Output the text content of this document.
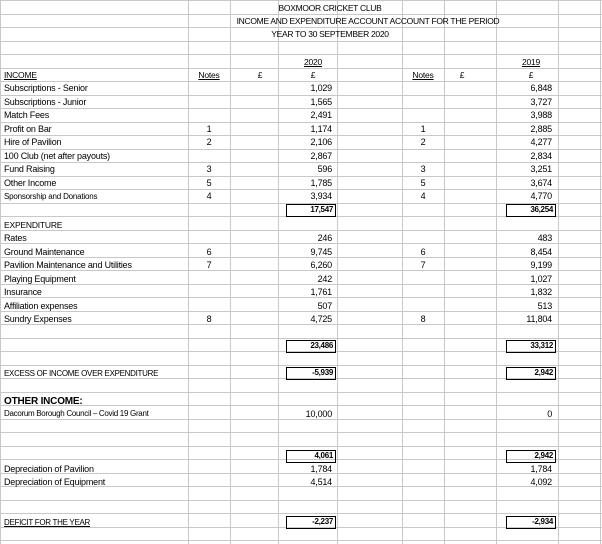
BOXMOOR CRICKET CLUB
INCOME AND EXPENDITURE ACCOUNT ACCOUNT FOR THE PERIOD
YEAR TO 30 SEPTEMBER 2020
2020	2019
Notes	£	£	Notes	£	£
INCOME
Subscriptions - Senior	1,029	6,848
Subscriptions - Junior	1,565	3,727
Match Fees	2,491	3,988
Profit on Bar	1	1,174	1	2,885
Hire of Pavilion	2	2,106	2	4,277
100 Club (net after payouts)	2,867	2,834
Fund Raising	3	596	3	3,251
Other Income	5	1,785	5	3,674
Sponsorship and Donations	4	3,934	4	4,770
17,547	36,254
EXPENDITURE
Rates	246	483
Ground Maintenance	6	9,745	6	8,454
Pavilion Maintenance and Utilities	7	6,260	7	9,199
Playing Equipment	242	1,027
Insurance	1,761	1,832
Affiliation expenses	507	513
Sundry Expenses	8	4,725	8	11,804
23,486	33,312
EXCESS OF INCOME OVER EXPENDITURE	-5,939	2,942
OTHER INCOME:
Dacorum Borough Council – Covid 19 Grant	10,000	0
4,061	2,942
Depreciation of Pavilion	1,784	1,784
Depreciation of Equipment	4,514	4,092
DEFICIT FOR THE YEAR	-2,237	-2,934
